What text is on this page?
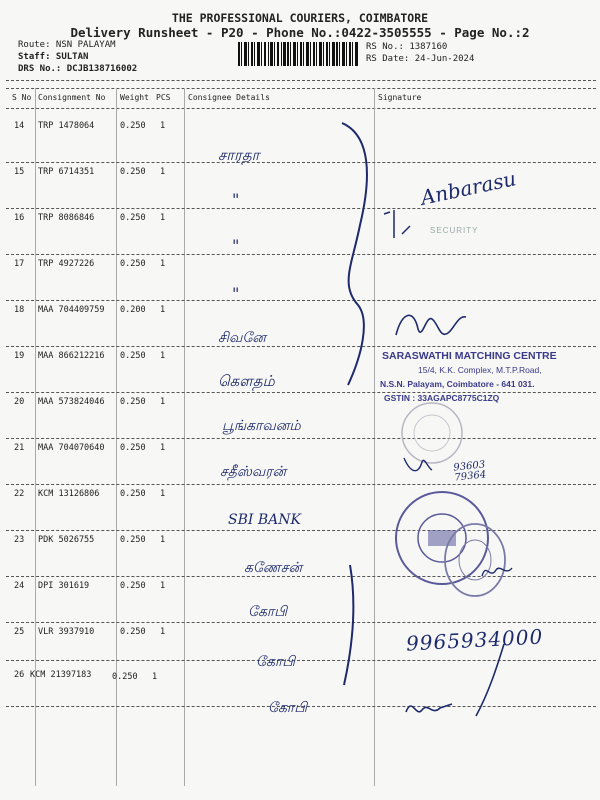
THE PROFESSIONAL COURIERS, COIMBATORE
Delivery Runsheet - P20 - Phone No.:0422-3505555 - Page No.:2
Route: NSN PALAYAM
Staff: SULTAN
DRS No.: DCJB138716002
RS No.: 1387160
RS Date: 24-Jun-2024
S No Consignment No Weight PCS Consignee Details	Signature
14 TRP 1478064	0.250 1
சாரதா
15 TRP 6714351	0.250 1
"
16 TRP 8086846	0.250 1
"
17 TRP 4927226	0.250 1
"
18 MAA 704409759 0.200 1
சிவனே
19 MAA 866212216 0.250 1
கௌதம்
20 MAA 573824046 0.250 1
பூங்காவனம்
21 MAA 704070640 0.250 1
சதீஸ்வரன்
22 KCM 13126806 0.250 1
SBI BANK
23 PDK 5026755	0.250 1
கணேசன்
24 DPI 301619	0.250 1
கோபி
25 VLR 3937910	0.250 1
கோபி
26 KCM 21397183 0.250 1
கோபி
Anbarasu
SECURITY
SARASWATHI MATCHING CENTRE
15/4, K.K. Complex, M.T.P.Road,
N.S.N. Palayam, Coimbatore - 641 031.
GSTIN : 33AGAPC8775C1ZQ
93603
79364
9965934000
